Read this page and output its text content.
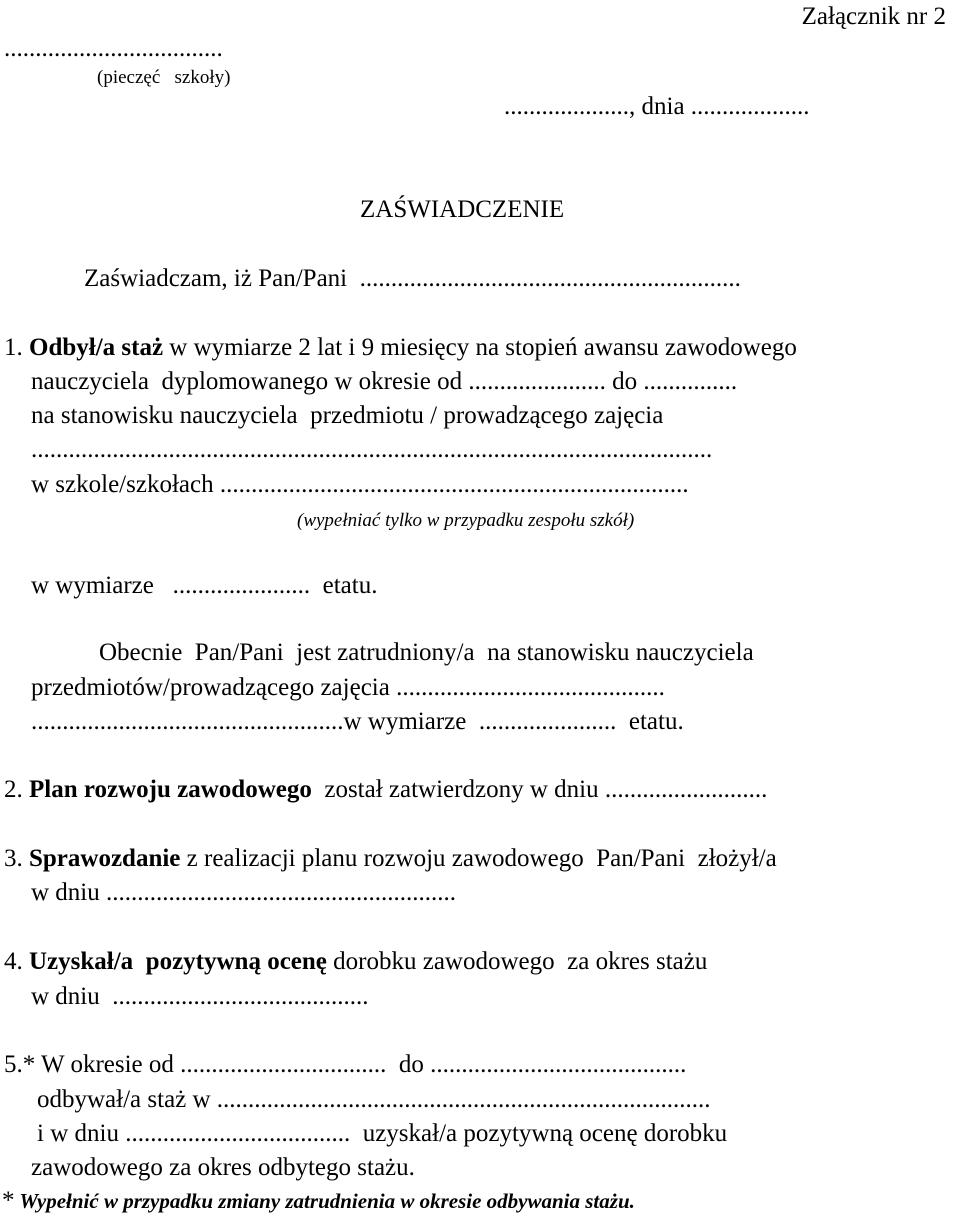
Załącznik nr 2
...................................
(pieczęć   szkoły)
...................., dnia ...................
ZAŚWIADCZENIE
Zaświadczam, iż Pan/Pani  .............................................................
1. Odbył/a staż w wymiarze 2 lat i 9 miesięcy na stopień awansu zawodowego
nauczyciela  dyplomowanego w okresie od ...................... do ...............
na stanowisku nauczyciela  przedmiotu / prowadzącego zajęcia
.............................................................................................................
w szkole/szkołach ...........................................................................
(wypełniać tylko w przypadku zespołu szkół)
w wymiarze   ......................  etatu.
Obecnie  Pan/Pani  jest zatrudniony/a  na stanowisku nauczyciela
przedmiotów/prowadzącego zajęcia ...........................................
..................................................w wymiarze  ......................  etatu.
2. Plan rozwoju zawodowego  został zatwierdzony w dniu ..........................
3. Sprawozdanie z realizacji planu rozwoju zawodowego  Pan/Pani  złożył/a
w dniu ........................................................
4. Uzyskał/a  pozytywną ocenę dorobku zawodowego  za okres stażu
w dniu  .........................................
5.* W okresie od .................................  do .........................................
odbywał/a staż w ...............................................................................
i w dniu ....................................  uzyskał/a pozytywną ocenę dorobku
zawodowego za okres odbytego stażu.
* Wypełnić w przypadku zmiany zatrudnienia w okresie odbywania stażu.
